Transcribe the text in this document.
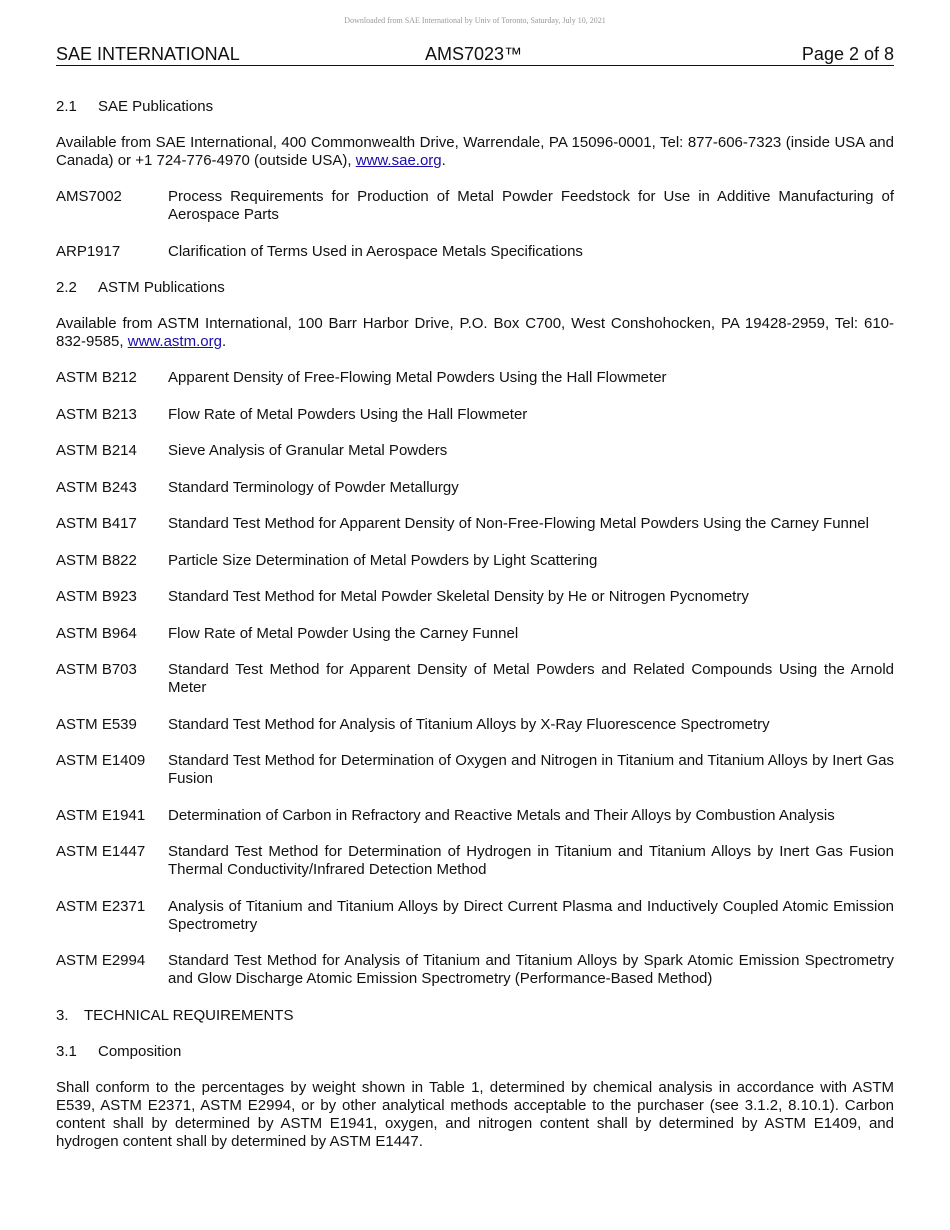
Downloaded from SAE International by Univ of Toronto, Saturday, July 10, 2021
SAE INTERNATIONAL	AMS7023™	Page 2 of 8
2.1	SAE Publications
Available from SAE International, 400 Commonwealth Drive, Warrendale, PA 15096-0001, Tel: 877-606-7323 (inside USA and Canada) or +1 724-776-4970 (outside USA), www.sae.org.
AMS7002	Process Requirements for Production of Metal Powder Feedstock for Use in Additive Manufacturing of Aerospace Parts
ARP1917	Clarification of Terms Used in Aerospace Metals Specifications
2.2	ASTM Publications
Available from ASTM International, 100 Barr Harbor Drive, P.O. Box C700, West Conshohocken, PA 19428-2959, Tel: 610-832-9585, www.astm.org.
ASTM B212	Apparent Density of Free-Flowing Metal Powders Using the Hall Flowmeter
ASTM B213	Flow Rate of Metal Powders Using the Hall Flowmeter
ASTM B214	Sieve Analysis of Granular Metal Powders
ASTM B243	Standard Terminology of Powder Metallurgy
ASTM B417	Standard Test Method for Apparent Density of Non-Free-Flowing Metal Powders Using the Carney Funnel
ASTM B822	Particle Size Determination of Metal Powders by Light Scattering
ASTM B923	Standard Test Method for Metal Powder Skeletal Density by He or Nitrogen Pycnometry
ASTM B964	Flow Rate of Metal Powder Using the Carney Funnel
ASTM B703	Standard Test Method for Apparent Density of Metal Powders and Related Compounds Using the Arnold Meter
ASTM E539	Standard Test Method for Analysis of Titanium Alloys by X-Ray Fluorescence Spectrometry
ASTM E1409	Standard Test Method for Determination of Oxygen and Nitrogen in Titanium and Titanium Alloys by Inert Gas Fusion
ASTM E1941	Determination of Carbon in Refractory and Reactive Metals and Their Alloys by Combustion Analysis
ASTM E1447	Standard Test Method for Determination of Hydrogen in Titanium and Titanium Alloys by Inert Gas Fusion Thermal Conductivity/Infrared Detection Method
ASTM E2371	Analysis of Titanium and Titanium Alloys by Direct Current Plasma and Inductively Coupled Atomic Emission Spectrometry
ASTM E2994	Standard Test Method for Analysis of Titanium and Titanium Alloys by Spark Atomic Emission Spectrometry and Glow Discharge Atomic Emission Spectrometry (Performance-Based Method)
3.	TECHNICAL REQUIREMENTS
3.1	Composition
Shall conform to the percentages by weight shown in Table 1, determined by chemical analysis in accordance with ASTM E539, ASTM E2371, ASTM E2994, or by other analytical methods acceptable to the purchaser (see 3.1.2, 8.10.1). Carbon content shall by determined by ASTM E1941, oxygen, and nitrogen content shall by determined by ASTM E1409, and hydrogen content shall by determined by ASTM E1447.
